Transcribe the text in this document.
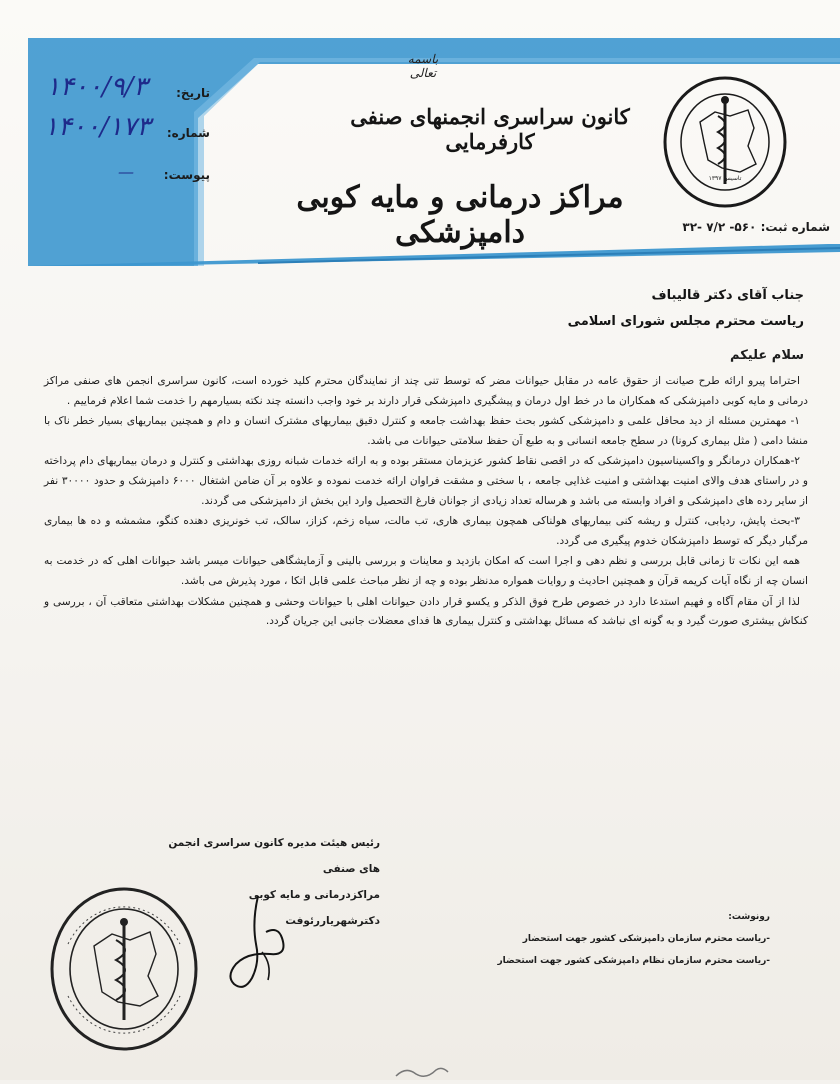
باسمه تعالی
کانون سراسری انجمنهای صنفی کارفرمایی
مراکز درمانی و مایه کوبی دامپزشکی
تاریخ:
شماره:
پیوست:
۱۴۰۰/۹/۳
۱۴۰۰/۱۷۳
—	تاسیس ۱۳۹۷
شماره ثبت: ۵۶۰- ۷/۲ -۳۲
جناب آقای دکتر قالیباف
ریاست محترم مجلس شورای اسلامی
سلام علیکم

احتراما پیرو ارائه طرح صیانت از حقوق عامه در مقابل حیوانات مضر که توسط تنی چند از نمایندگان محترم کلید خورده است، کانون سراسری انجمن های صنفی مراکز درمانی و مایه کوبی دامپزشکی که همکاران ما در خط اول درمان و پیشگیری دامپزشکی قرار دارند بر خود واجب دانسته چند نکته بسیارمهم را خدمت شما اعلام فرماییم .

۱- مهمترین مسئله از دید محافل علمی و دامپزشکی کشور بحث حفظ بهداشت جامعه و کنترل دقیق بیماریهای مشترک انسان و دام و همچنین بیماریهای بسیار خطر ناک با منشا دامی ( مثل بیماری کرونا) در سطح جامعه انسانی و به طبع آن حفظ سلامتی حیوانات می باشد.

۲-همکاران درمانگر و واکسیناسیون دامپزشکی که در اقصی نقاط کشور عزیزمان مستقر بوده و به ارائه خدمات شبانه روزی بهداشتی و کنترل و درمان بیماریهای دام پرداخته و در راستای هدف والای امنیت بهداشتی و امنیت غذایی جامعه ، با سختی و مشقت فراوان ارائه خدمت نموده و علاوه بر آن ضامن اشتغال ۶۰۰۰ دامپزشک و حدود ۳۰۰۰۰ نفر از سایر رده های دامپزشکی و افراد وابسته می باشد و هرساله تعداد زیادی از جوانان فارغ التحصیل وارد این بخش از دامپزشکی می گردند.

۳-بحث پایش، ردیابی، کنترل و ریشه کنی بیماریهای هولناکی همچون بیماری هاری، تب مالت، سیاه زخم، کزاز، سالک، تب خونریزی دهنده کنگو، مشمشه و ده ها بیماری مرگبار دیگر که توسط دامپزشکان خدوم پیگیری می گردد.

همه این نکات تا زمانی قابل بررسی و نظم دهی و اجرا است که امکان بازدید و معاینات و بررسی بالینی و آزمایشگاهی حیوانات میسر باشد حیوانات اهلی که در خدمت به انسان چه از نگاه آیات کریمه قرآن و همچنین احادیث و روایات همواره مدنظر بوده و چه از نظر مباحث علمی قابل اتکا ، مورد پذیرش می باشد.

لذا از آن مقام آگاه و فهیم استدعا دارد در خصوص طرح فوق الذکر و یکسو قرار دادن حیوانات اهلی با حیوانات وحشی و همچنین مشکلات بهداشتی متعاقب آن ، بررسی و کنکاش بیشتری صورت گیرد و به گونه ای نباشد که مسائل بهداشتی و کنترل بیماری ها فدای معضلات جانبی این جریان گردد.

رئیس هیئت مدیره کانون سراسری انجمن های صنفی
مراکزدرمانی و مایه کوبی
دکترشهریاررئوفت	رونوشت:
-ریاست محترم سازمان دامپزشکی کشور جهت استحضار
-ریاست محترم سازمان نظام دامپزشکی کشور جهت استحضار
